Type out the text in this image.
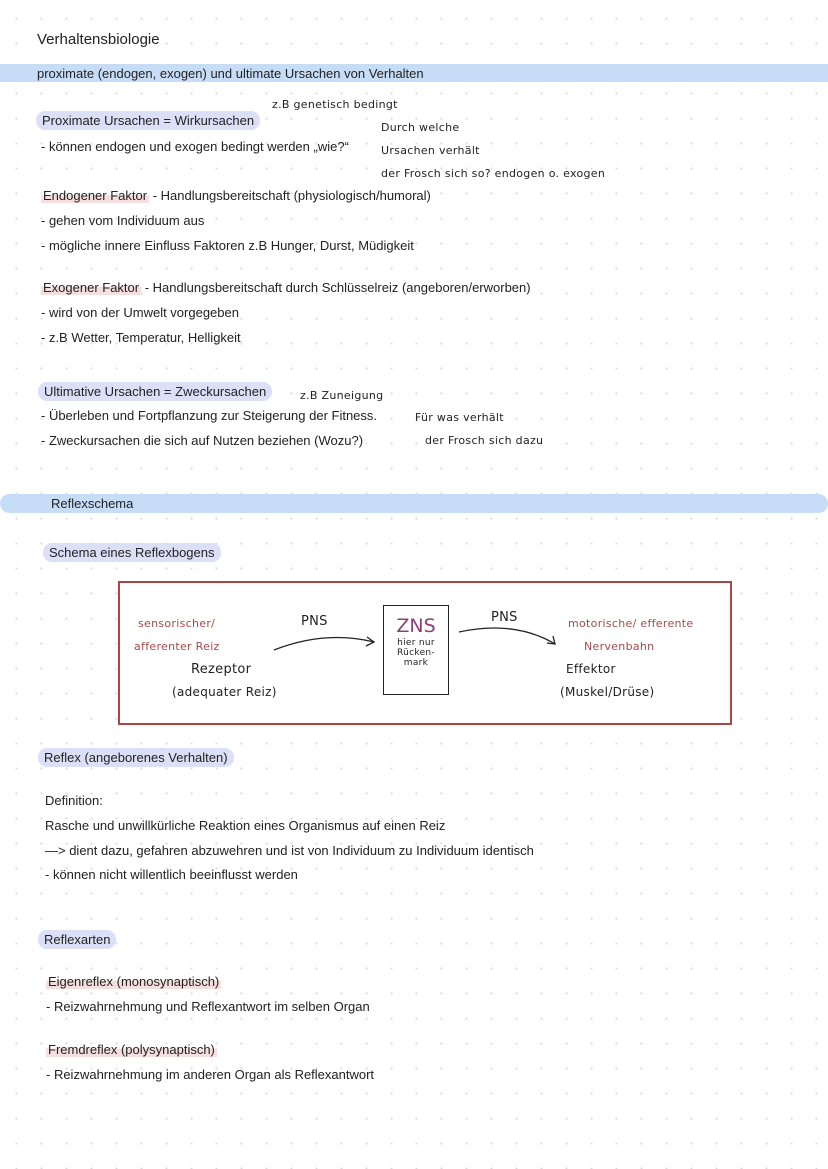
Verhaltensbiologie
proximate (endogen, exogen) und ultimate Ursachen von Verhalten
z.B genetisch bedingt
Proximate Ursachen = Wirkursachen	Durch welche
- können endogen und exogen bedingt werden „wie?“	Ursachen verhält
der Frosch sich so? endogen o. exogen
Endogener Faktor - Handlungsbereitschaft (physiologisch/humoral)
- gehen vom Individuum aus
- mögliche innere Einfluss Faktoren z.B Hunger, Durst, Müdigkeit
Exogener Faktor - Handlungsbereitschaft durch Schlüsselreiz (angeboren/erworben)
- wird von der Umwelt vorgegeben
- z.B Wetter, Temperatur, Helligkeit
Ultimative Ursachen = Zweckursachen	z.B Zuneigung
- Überleben und Fortpflanzung zur Steigerung der Fitness.	Für was verhält
- Zweckursachen die sich auf Nutzen beziehen (Wozu?)	der Frosch sich dazu
Reflexschema
Schema eines Reflexbogens
sensorischer/
afferenter Reiz
Rezeptor
(adequater Reiz)
PNS	ZNS
hier nur
Rücken-
mark
PNS	motorische/ efferente
Nervenbahn
Effektor
(Muskel/Drüse)
Reflex (angeborenes Verhalten)
Definition:
Rasche und unwillkürliche Reaktion eines Organismus auf einen Reiz
—> dient dazu, gefahren abzuwehren und ist von Individuum zu Individuum identisch
- können nicht willentlich beeinflusst werden
Reflexarten
Eigenreflex (monosynaptisch)
- Reizwahrnehmung und Reflexantwort im selben Organ
Fremdreflex (polysynaptisch)
- Reizwahrnehmung im anderen Organ als Reflexantwort
